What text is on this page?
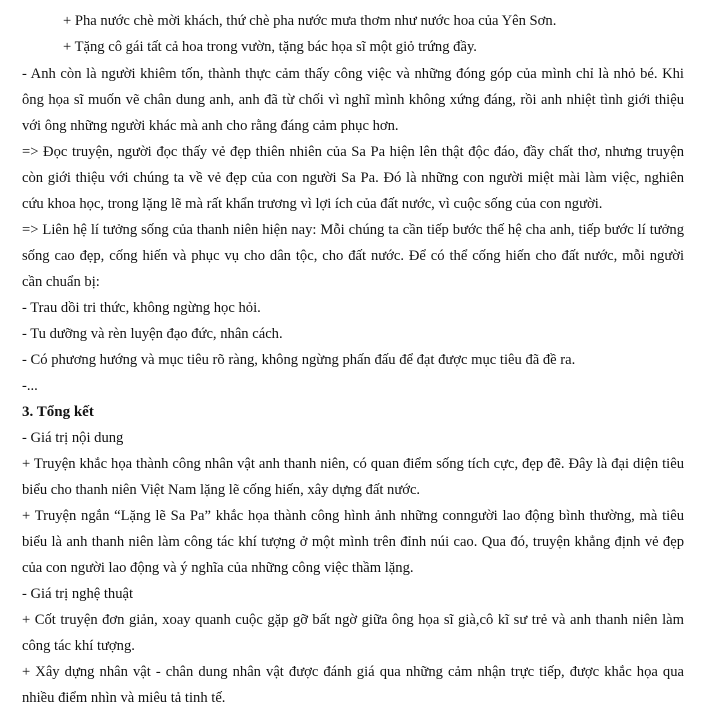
+ Pha nước chè mời khách, thứ chè pha nước mưa thơm như nước hoa của Yên Sơn.
+ Tặng cô gái tất cả hoa trong vườn, tặng bác họa sĩ một giỏ trứng đầy.
- Anh còn là người khiêm tốn, thành thực cảm thấy công việc và những đóng góp của mình chỉ là nhỏ bé. Khi
ông họa sĩ muốn vẽ chân dung anh, anh đã từ chối vì nghĩ mình không xứng đáng, rồi anh nhiệt tình giới thiệu
với ông những người khác mà anh cho rằng đáng cảm phục hơn.
=> Đọc truyện, người đọc thấy vẻ đẹp thiên nhiên của Sa Pa hiện lên thật độc đáo, đầy chất thơ, nhưng truyện
còn giới thiệu với chúng ta về vẻ đẹp của con người Sa Pa. Đó là những con người miệt mài làm việc, nghiên
cứu khoa học, trong lặng lẽ mà rất khẩn trương vì lợi ích của đất nước, vì cuộc sống của con người.
=> Liên hệ lí tưởng sống của thanh niên hiện nay: Mỗi chúng ta cần tiếp bước thế hệ cha anh, tiếp bước lí tưởng
sống cao đẹp, cống hiến và phục vụ cho dân tộc, cho đất nước. Để có thể cống hiến cho đất nước, mỗi người
cần chuẩn bị:
- Trau dồi tri thức, không ngừng học hỏi.
- Tu dưỡng và rèn luyện đạo đức, nhân cách.
- Có phương hướng và mục tiêu rõ ràng, không ngừng phấn đấu để đạt được mục tiêu đã đề ra.
-...
3. Tổng kết
- Giá trị nội dung
+ Truyện khắc họa thành công nhân vật anh thanh niên, có quan điểm sống tích cực, đẹp đẽ. Đây là đại diện tiêu
biểu cho thanh niên Việt Nam lặng lẽ cống hiến, xây dựng đất nước.
+ Truyện ngắn “Lặng lẽ Sa Pa” khắc họa thành công hình ảnh những conngười lao động bình thường, mà tiêu
biểu là anh thanh niên làm công tác khí tượng ở một mình trên đỉnh núi cao. Qua đó, truyện khẳng định vẻ đẹp
của con người lao động và ý nghĩa của những công việc thầm lặng.
- Giá trị nghệ thuật
+ Cốt truyện đơn giản, xoay quanh cuộc gặp gỡ bất ngờ giữa ông họa sĩ già,cô kĩ sư trẻ và anh thanh niên làm
công tác khí tượng.
+ Xây dựng nhân vật - chân dung nhân vật được đánh giá qua những cảm nhận trực tiếp, được khắc họa qua
nhiều điểm nhìn và miêu tả tinh tế.
